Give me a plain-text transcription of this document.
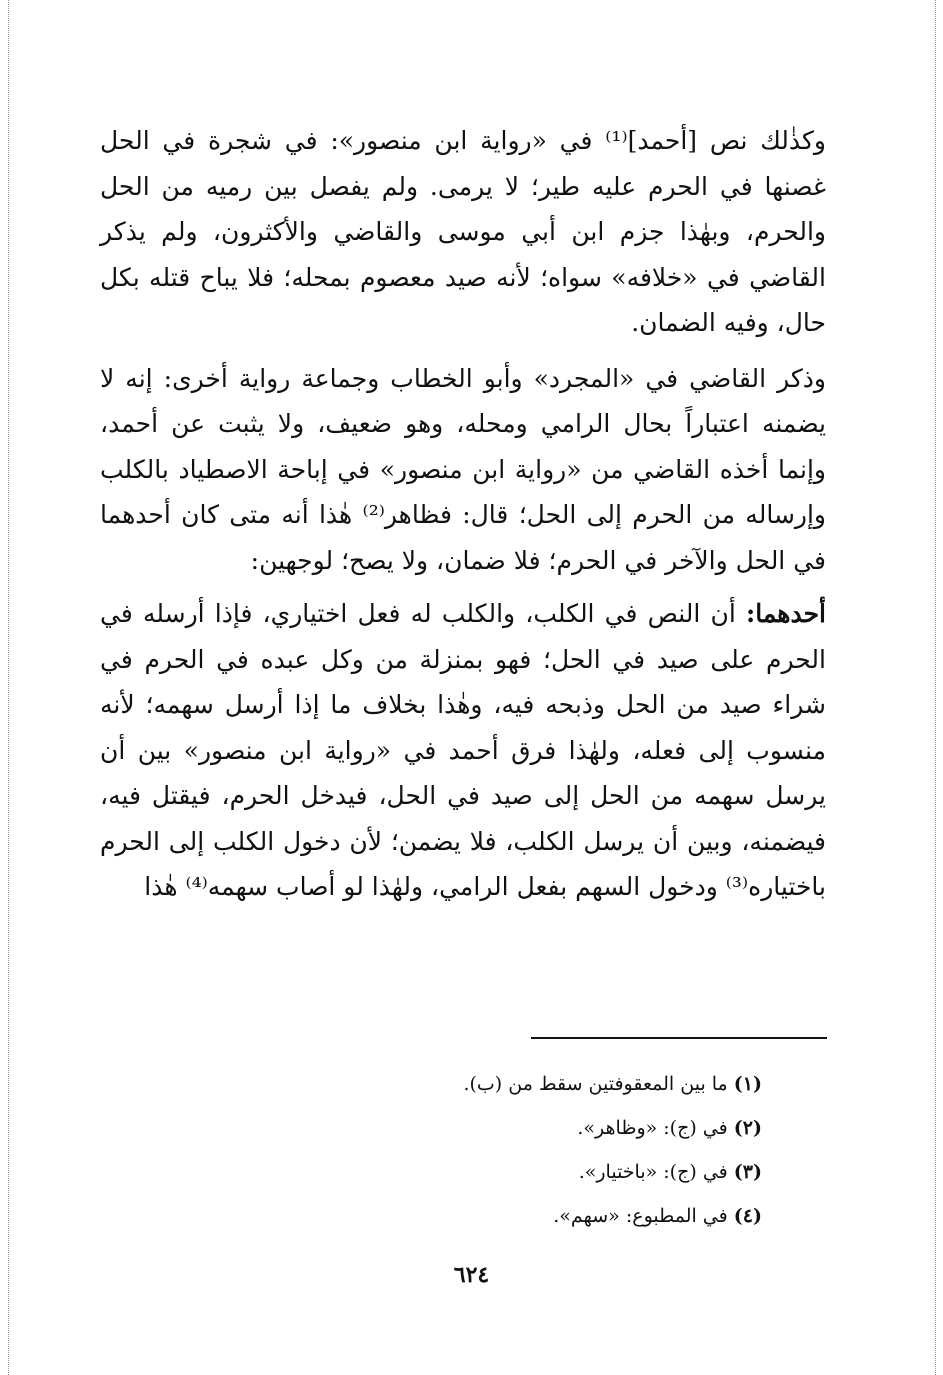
وكذٰلك نص [أحمد]⁽¹⁾ في «رواية ابن منصور»: في شجرة في الحل غصنها في الحرم عليه طير؛ لا يرمى. ولم يفصل بين رميه من الحل والحرم، وبهٰذا جزم ابن أبي موسى والقاضي والأكثرون، ولم يذكر القاضي في «خلافه» سواه؛ لأنه صيد معصوم بمحله؛ فلا يباح قتله بكل حال، وفيه الضمان.

وذكر القاضي في «المجرد» وأبو الخطاب وجماعة رواية أخرى: إنه لا يضمنه اعتباراً بحال الرامي ومحله، وهو ضعيف، ولا يثبت عن أحمد، وإنما أخذه القاضي من «رواية ابن منصور» في إباحة الاصطياد بالكلب وإرساله من الحرم إلى الحل؛ قال: فظاهر⁽²⁾ هٰذا أنه متى كان أحدهما في الحل والآخر في الحرم؛ فلا ضمان، ولا يصح؛ لوجهين:

أحدهما: أن النص في الكلب، والكلب له فعل اختياري، فإذا أرسله في الحرم على صيد في الحل؛ فهو بمنزلة من وكل عبده في الحرم في شراء صيد من الحل وذبحه فيه، وهٰذا بخلاف ما إذا أرسل سهمه؛ لأنه منسوب إلى فعله، ولهٰذا فرق أحمد في «رواية ابن منصور» بين أن يرسل سهمه من الحل إلى صيد في الحل، فيدخل الحرم، فيقتل فيه، فيضمنه، وبين أن يرسل الكلب، فلا يضمن؛ لأن دخول الكلب إلى الحرم باختياره⁽³⁾ ودخول السهم بفعل الرامي، ولهٰذا لو أصاب سهمه⁽⁴⁾ هٰذا

(١) ما بين المعقوفتين سقط من (ب).

(٢) في (ج): «وظاهر».

(٣) في (ج): «باختيار».

(٤) في المطبوع: «سهم».

٦٢٤
